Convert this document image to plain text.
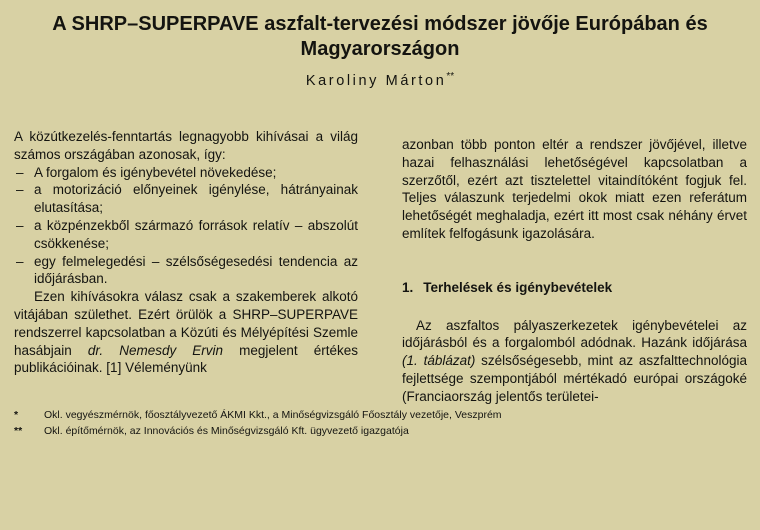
A SHRP–SUPERPAVE aszfalt-tervezési módszer jövője Európában és Magyarországon
Karoliny Márton**

A közútkezelés-fenntartás legnagyobb kihívásai a világ számos országában azonosak, így:

– A forgalom és igénybevétel növekedése;
– a motorizáció előnyeinek igénylése, hátrányainak elutasítása;
– a közpénzekből származó források relatív – abszolút csökkenése;
– egy felmelegedési – szélsőségesedési tendencia az időjárásban.

Ezen kihívásokra válasz csak a szakemberek alkotó vitájában születhet. Ezért örülök a SHRP–SUPERPAVE rendszerrel kapcsolatban a Közúti és Mélyépítési Szemle hasábjain dr. Nemesdy Ervin megjelent értékes publikációinak. [1] Véleményünk

azonban több ponton eltér a rendszer jövőjével, illetve hazai felhasználási lehetőségével kapcsolatban a szerzőtől, ezért azt tisztelettel vitaindítóként fogjuk fel. Teljes válaszunk terjedelmi okok miatt ezen referátum lehetőségét meghaladja, ezért itt most csak néhány érvet említek felfogásunk igazolására.

1. Terhelések és igénybevételek

Az aszfaltos pályaszerkezetek igénybevételei az időjárásból és a forgalomból adódnak. Hazánk időjárása (1. táblázat) szélsőségesebb, mint az aszfalttechnológia fejlettsége szempontjából mértékadó európai országoké (Franciaország jelentős területei-

* Okl. vegyészmérnök, főosztályvezető ÁKMI Kkt., a Minőségvizsgáló Főosztály vezetője, Veszprém
** Okl. építőmérnök, az Innovációs és Minőségvizsgáló Kft. ügyvezető igazgatója
